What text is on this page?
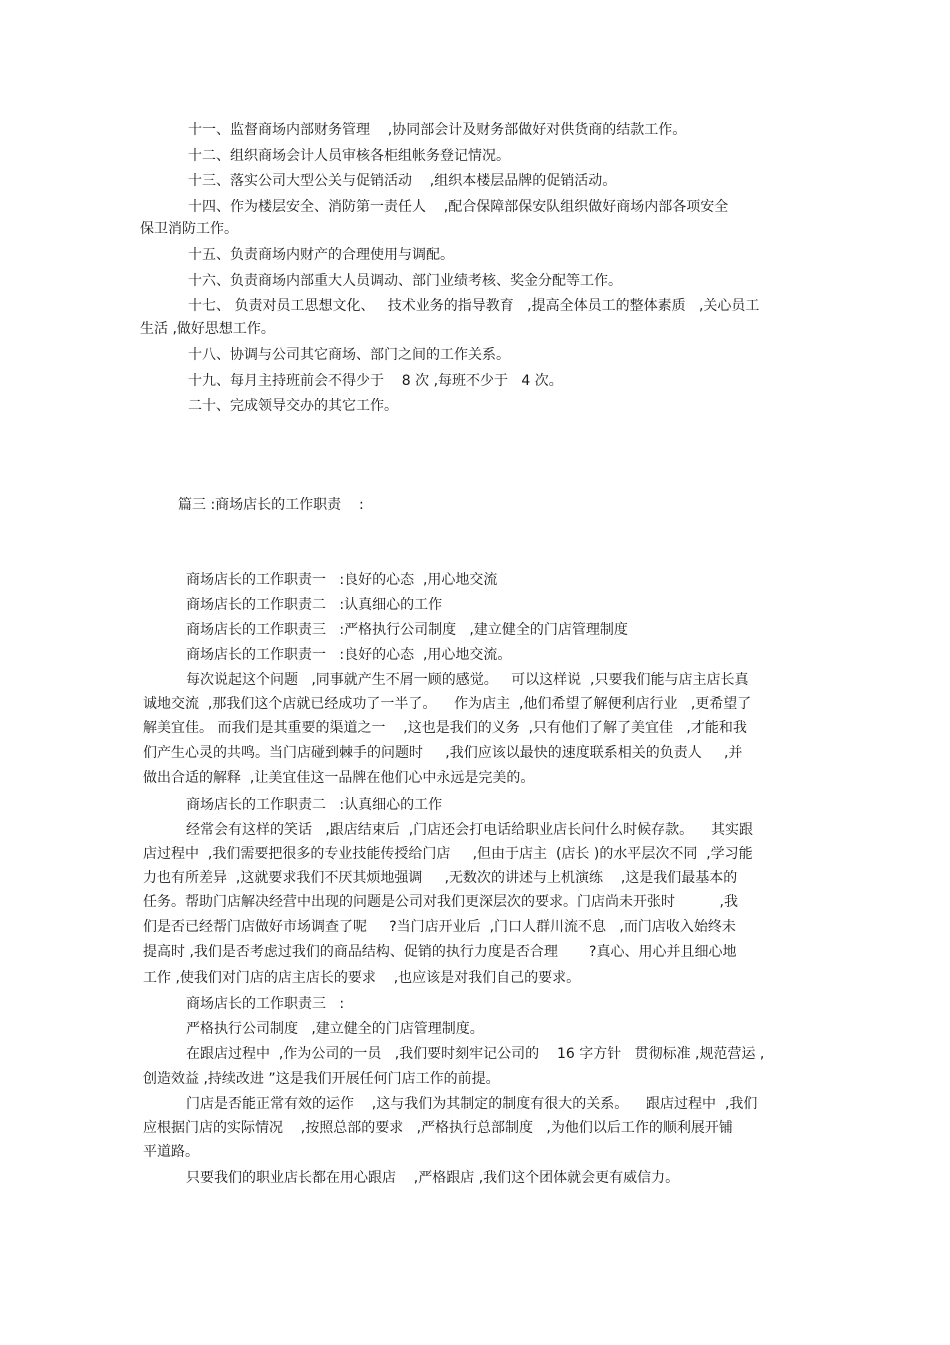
十一、监督商场内部财务管理    ,协同部会计及财务部做好对供货商的结款工作。
十二、组织商场会计人员审核各柜组帐务登记情况。
十三、落实公司大型公关与促销活动    ,组织本楼层品牌的促销活动。
十四、作为楼层安全、消防第一责任人    ,配合保障部保安队组织做好商场内部各项安全
保卫消防工作。
十五、负责商场内财产的合理使用与调配。
十六、负责商场内部重大人员调动、部门业绩考核、奖金分配等工作。
十七、 负责对员工思想文化、   技术业务的指导教育   ,提高全体员工的整体素质   ,关心员工
生活 ,做好思想工作。
十八、协调与公司其它商场、部门之间的工作关系。
十九、每月主持班前会不得少于    8 次 ,每班不少于   4 次。
二十、完成领导交办的其它工作。
篇三 :商场店长的工作职责    :
商场店长的工作职责一   :良好的心态  ,用心地交流
商场店长的工作职责二   :认真细心的工作
商场店长的工作职责三   :严格执行公司制度   ,建立健全的门店管理制度
商场店长的工作职责一   :良好的心态  ,用心地交流。
每次说起这个问题   ,同事就产生不屑一顾的感觉。   可以这样说  ,只要我们能与店主店长真
诚地交流  ,那我们这个店就已经成功了一半了。    作为店主  ,他们希望了解便利店行业   ,更希望了
解美宜佳。 而我们是其重要的渠道之一    ,这也是我们的义务  ,只有他们了解了美宜佳   ,才能和我
们产生心灵的共鸣。当门店碰到棘手的问题时     ,我们应该以最快的速度联系相关的负责人     ,并
做出合适的解释  ,让美宜佳这一品牌在他们心中永远是完美的。
商场店长的工作职责二   :认真细心的工作
经常会有这样的笑话   ,跟店结束后  ,门店还会打电话给职业店长问什么时候存款。    其实跟
店过程中  ,我们需要把很多的专业技能传授给门店     ,但由于店主  (店长 )的水平层次不同  ,学习能
力也有所差异  ,这就要求我们不厌其烦地强调     ,无数次的讲述与上机演练    ,这是我们最基本的
任务。帮助门店解决经营中出现的问题是公司对我们更深层次的要求。门店尚未开张时          ,我
们是否已经帮门店做好市场调查了呢     ?当门店开业后  ,门口人群川流不息   ,而门店收入始终未
提高时 ,我们是否考虑过我们的商品结构、促销的执行力度是否合理       ?真心、用心并且细心地
工作 ,使我们对门店的店主店长的要求    ,也应该是对我们自己的要求。
商场店长的工作职责三   :
严格执行公司制度   ,建立健全的门店管理制度。
在跟店过程中  ,作为公司的一员   ,我们要时刻牢记公司的    16 字方针   贯彻标准 ,规范营运 ,
创造效益 ,持续改进 ”这是我们开展任何门店工作的前提。
门店是否能正常有效的运作    ,这与我们为其制定的制度有很大的关系。    跟店过程中  ,我们
应根据门店的实际情况    ,按照总部的要求   ,严格执行总部制度   ,为他们以后工作的顺利展开铺
平道路。
只要我们的职业店长都在用心跟店    ,严格跟店 ,我们这个团体就会更有威信力。
